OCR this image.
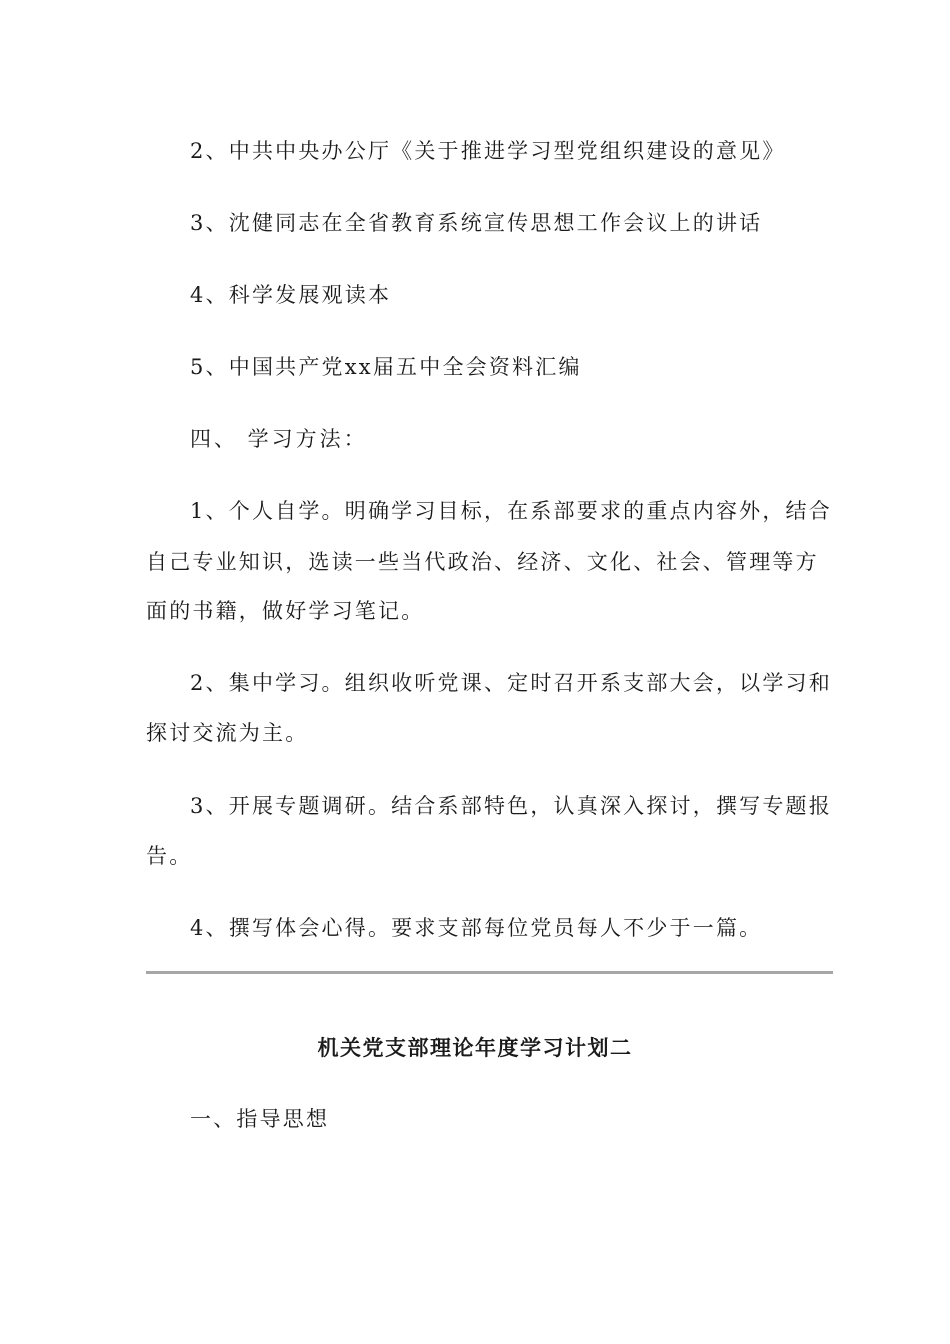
2、中共中央办公厅《关于推进学习型党组织建设的意见》
3、沈健同志在全省教育系统宣传思想工作会议上的讲话
4、科学发展观读本
5、中国共产党xx届五中全会资料汇编
四、 学习方法：
1、个人自学。明确学习目标，在系部要求的重点内容外，结合
自己专业知识，选读一些当代政治、经济、文化、社会、管理等方
面的书籍，做好学习笔记。
2、集中学习。组织收听党课、定时召开系支部大会，以学习和
探讨交流为主。
3、开展专题调研。结合系部特色，认真深入探讨，撰写专题报
告。
4、撰写体会心得。要求支部每位党员每人不少于一篇。
机关党支部理论年度学习计划二
一、指导思想
